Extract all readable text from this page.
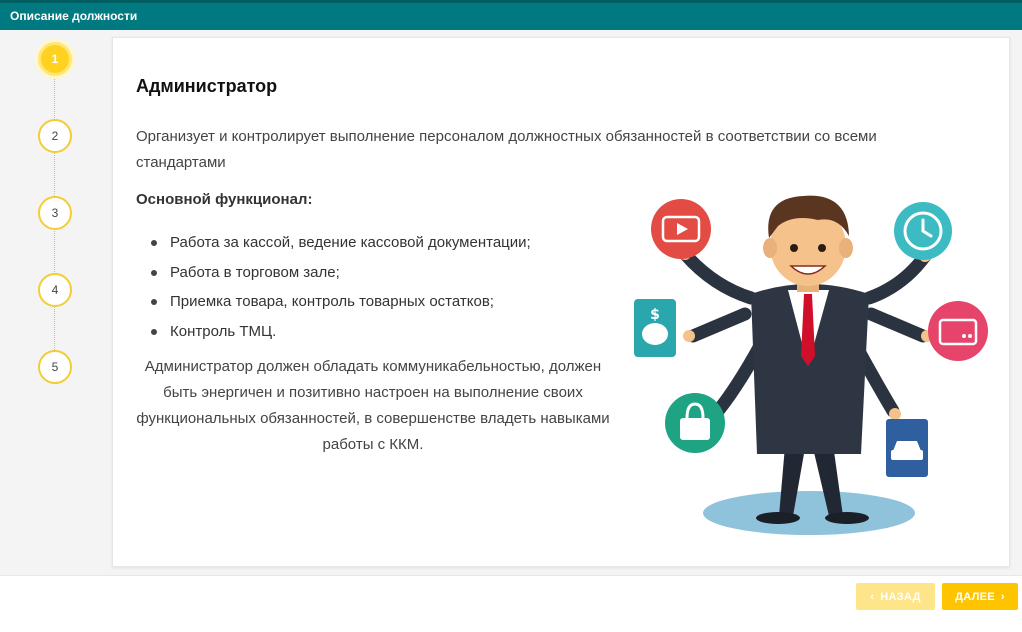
Описание должности
1
2
3
4
5
Администратор

Организует и контролирует выполнение персоналом должностных обязанностей в соответствии со всеми стандартами

Основной функционал:
Работа за кассой, ведение кассовой документации;
Работа в торговом зале;
Приемка товара, контроль товарных остатков;
Контроль ТМЦ.

Администратор должен обладать коммуникабельностью, должен быть энергичен и позитивно настроен на выполнение своих функциональных обязанностей, в совершенстве владеть навыками работы с ККМ.

$
‹ НАЗАД	ДАЛЕЕ ›
